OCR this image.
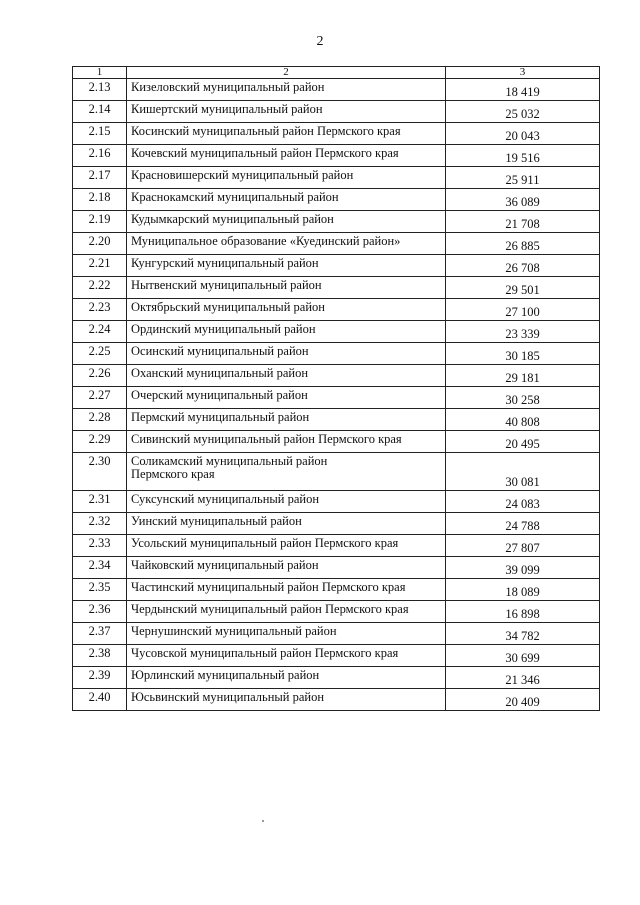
2
1	2	3
2.13	Кизеловский муниципальный район	18 419
2.14	Кишертский муниципальный район	25 032
2.15	Косинский муниципальный район Пермского края	20 043
2.16	Кочевский муниципальный район Пермского края	19 516
2.17	Красновишерский муниципальный район	25 911
2.18	Краснокамский муниципальный район	36 089
2.19	Кудымкарский муниципальный район	21 708
2.20	Муниципальное образование «Куединский район»	26 885
2.21	Кунгурский муниципальный район	26 708
2.22	Нытвенский муниципальный район	29 501
2.23	Октябрьский муниципальный район	27 100
2.24	Ординский муниципальный район	23 339
2.25	Осинский муниципальный район	30 185
2.26	Оханский муниципальный район	29 181
2.27	Очерский муниципальный район	30 258
2.28	Пермский муниципальный район	40 808
2.29	Сивинский муниципальный район Пермского края	20 495
2.30	Соликамский муниципальный район
Пермского края	30 081
2.31	Суксунский муниципальный район	24 083
2.32	Уинский муниципальный район	24 788
2.33	Усольский муниципальный район Пермского края	27 807
2.34	Чайковский муниципальный район	39 099
2.35	Частинский муниципальный район Пермского края	18 089
2.36	Чердынский муниципальный район Пермского края	16 898
2.37	Чернушинский муниципальный район	34 782
2.38	Чусовской муниципальный район Пермского края	30 699
2.39	Юрлинский муниципальный район	21 346
2.40	Юсьвинский муниципальный район	20 409
